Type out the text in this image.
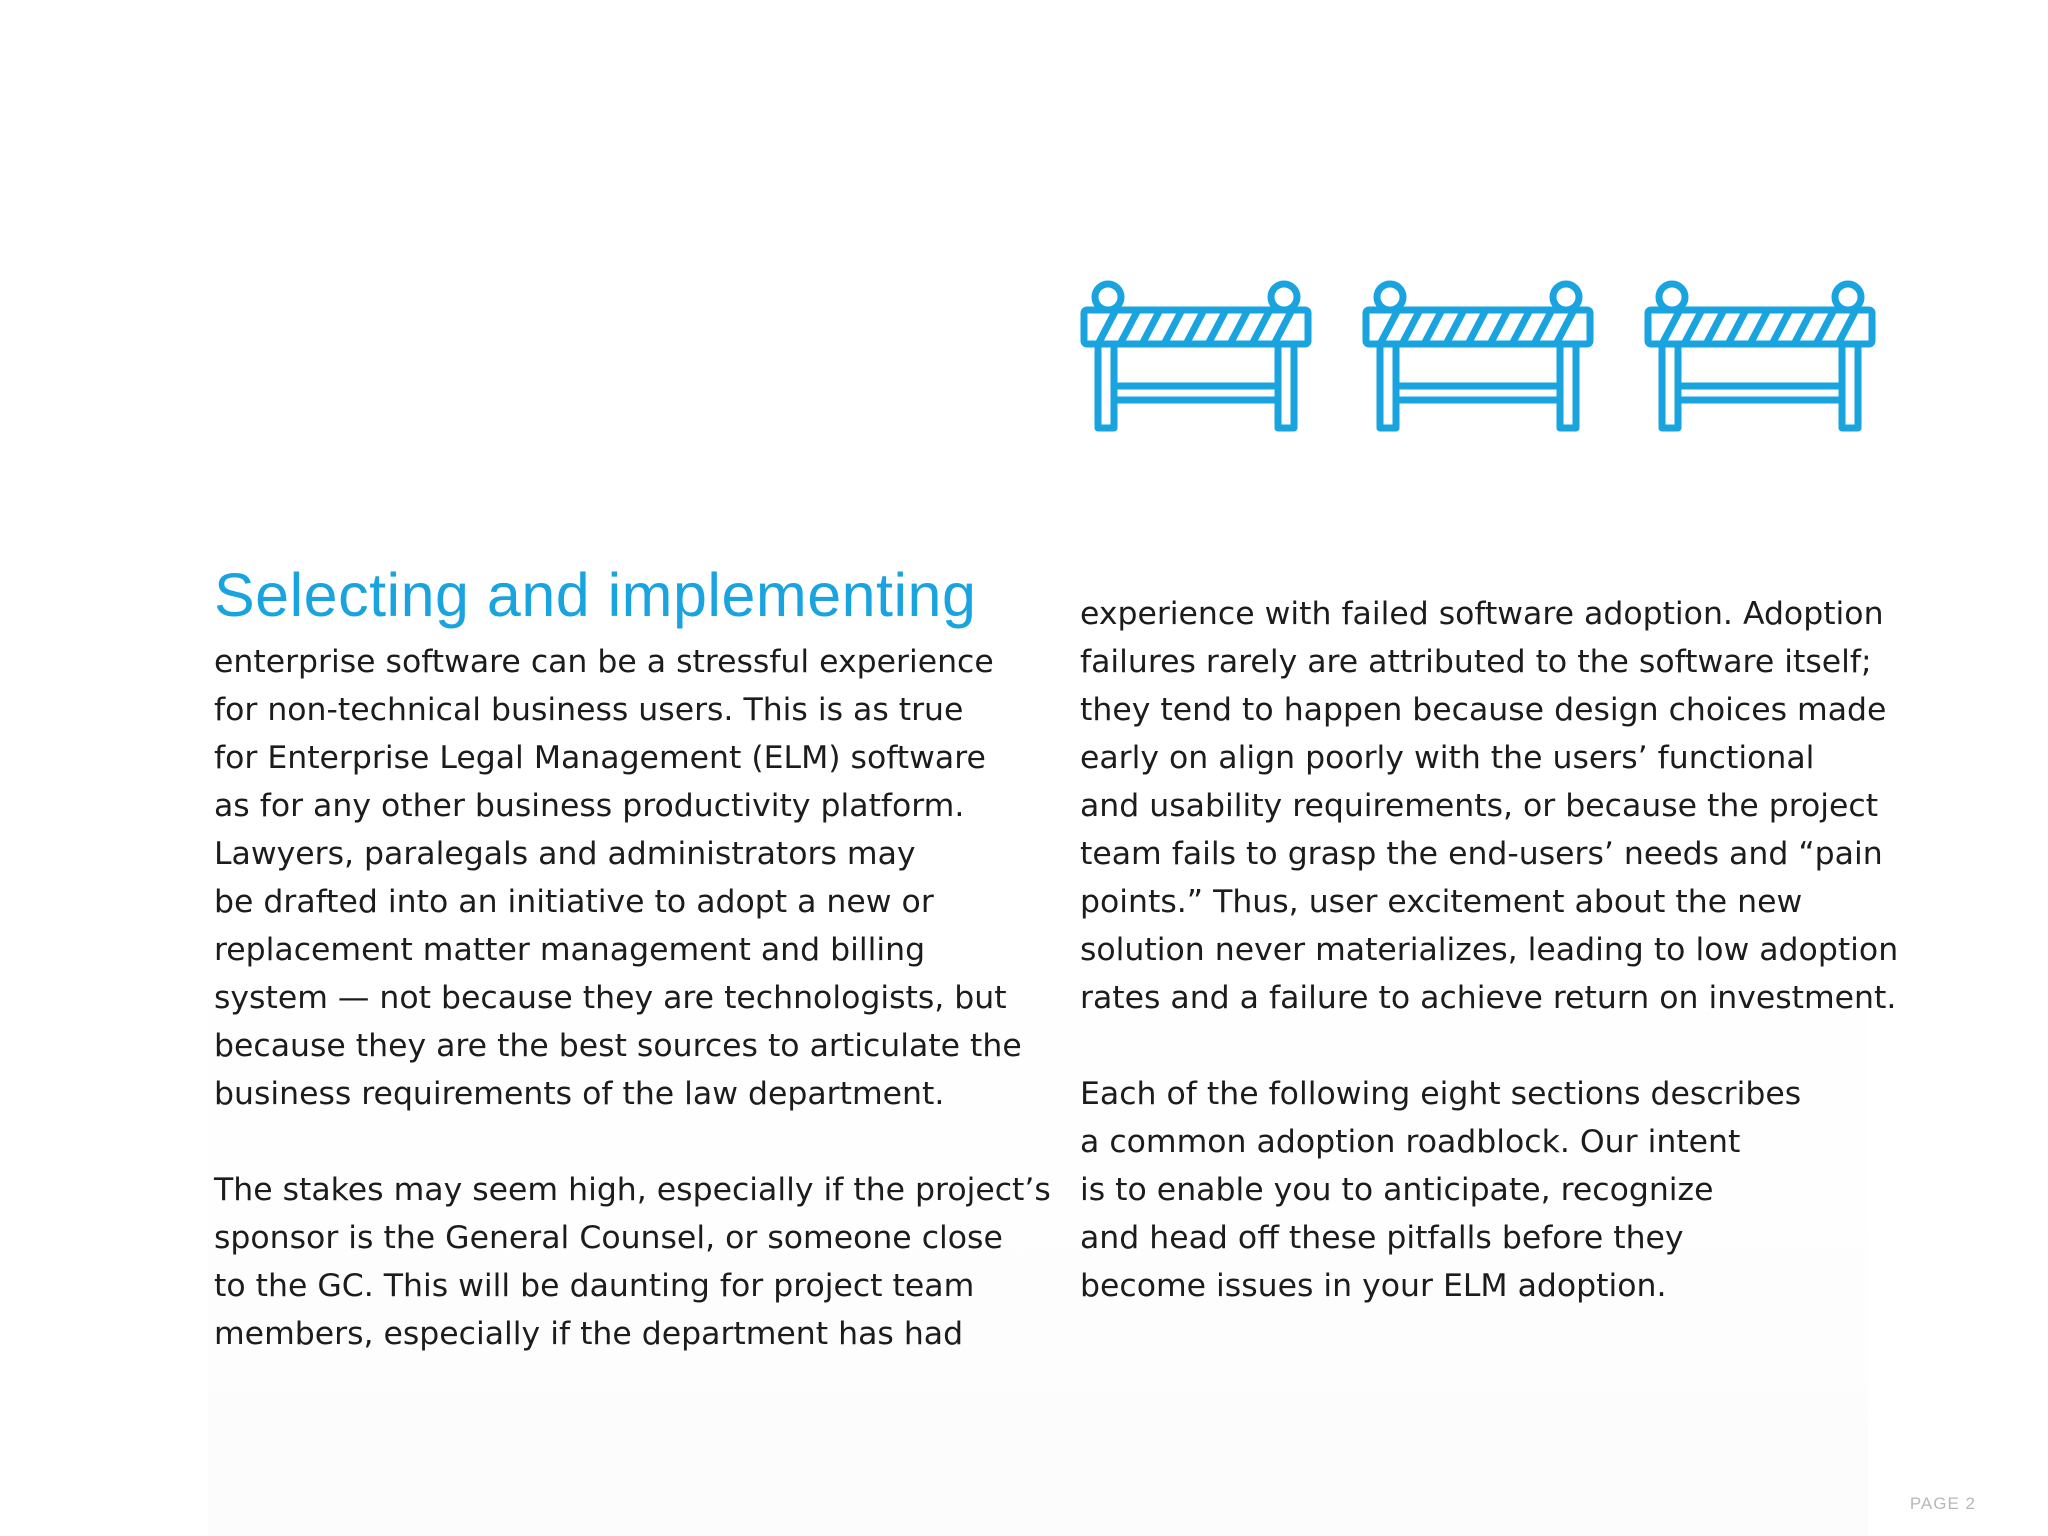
Selecting and implementing

enterprise software can be a stressful experience
for non-technical business users. This is as true
for Enterprise Legal Management (ELM) software
as for any other business productivity platform.
Lawyers, paralegals and administrators may
be drafted into an initiative to adopt a new or
replacement matter management and billing
system — not because they are technologists, but
because they are the best sources to articulate the
business requirements of the law department.

The stakes may seem high, especially if the project’s
sponsor is the General Counsel, or someone close
to the GC. This will be daunting for project team
members, especially if the department has had

experience with failed software adoption. Adoption
failures rarely are attributed to the software itself;
they tend to happen because design choices made
early on align poorly with the users’ functional
and usability requirements, or because the project
team fails to grasp the end-users’ needs and “pain
points.” Thus, user excitement about the new
solution never materializes, leading to low adoption
rates and a failure to achieve return on investment.

Each of the following eight sections describes
a common adoption roadblock. Our intent
is to enable you to anticipate, recognize
and head off these pitfalls before they
become issues in your ELM adoption.

PAGE 2
